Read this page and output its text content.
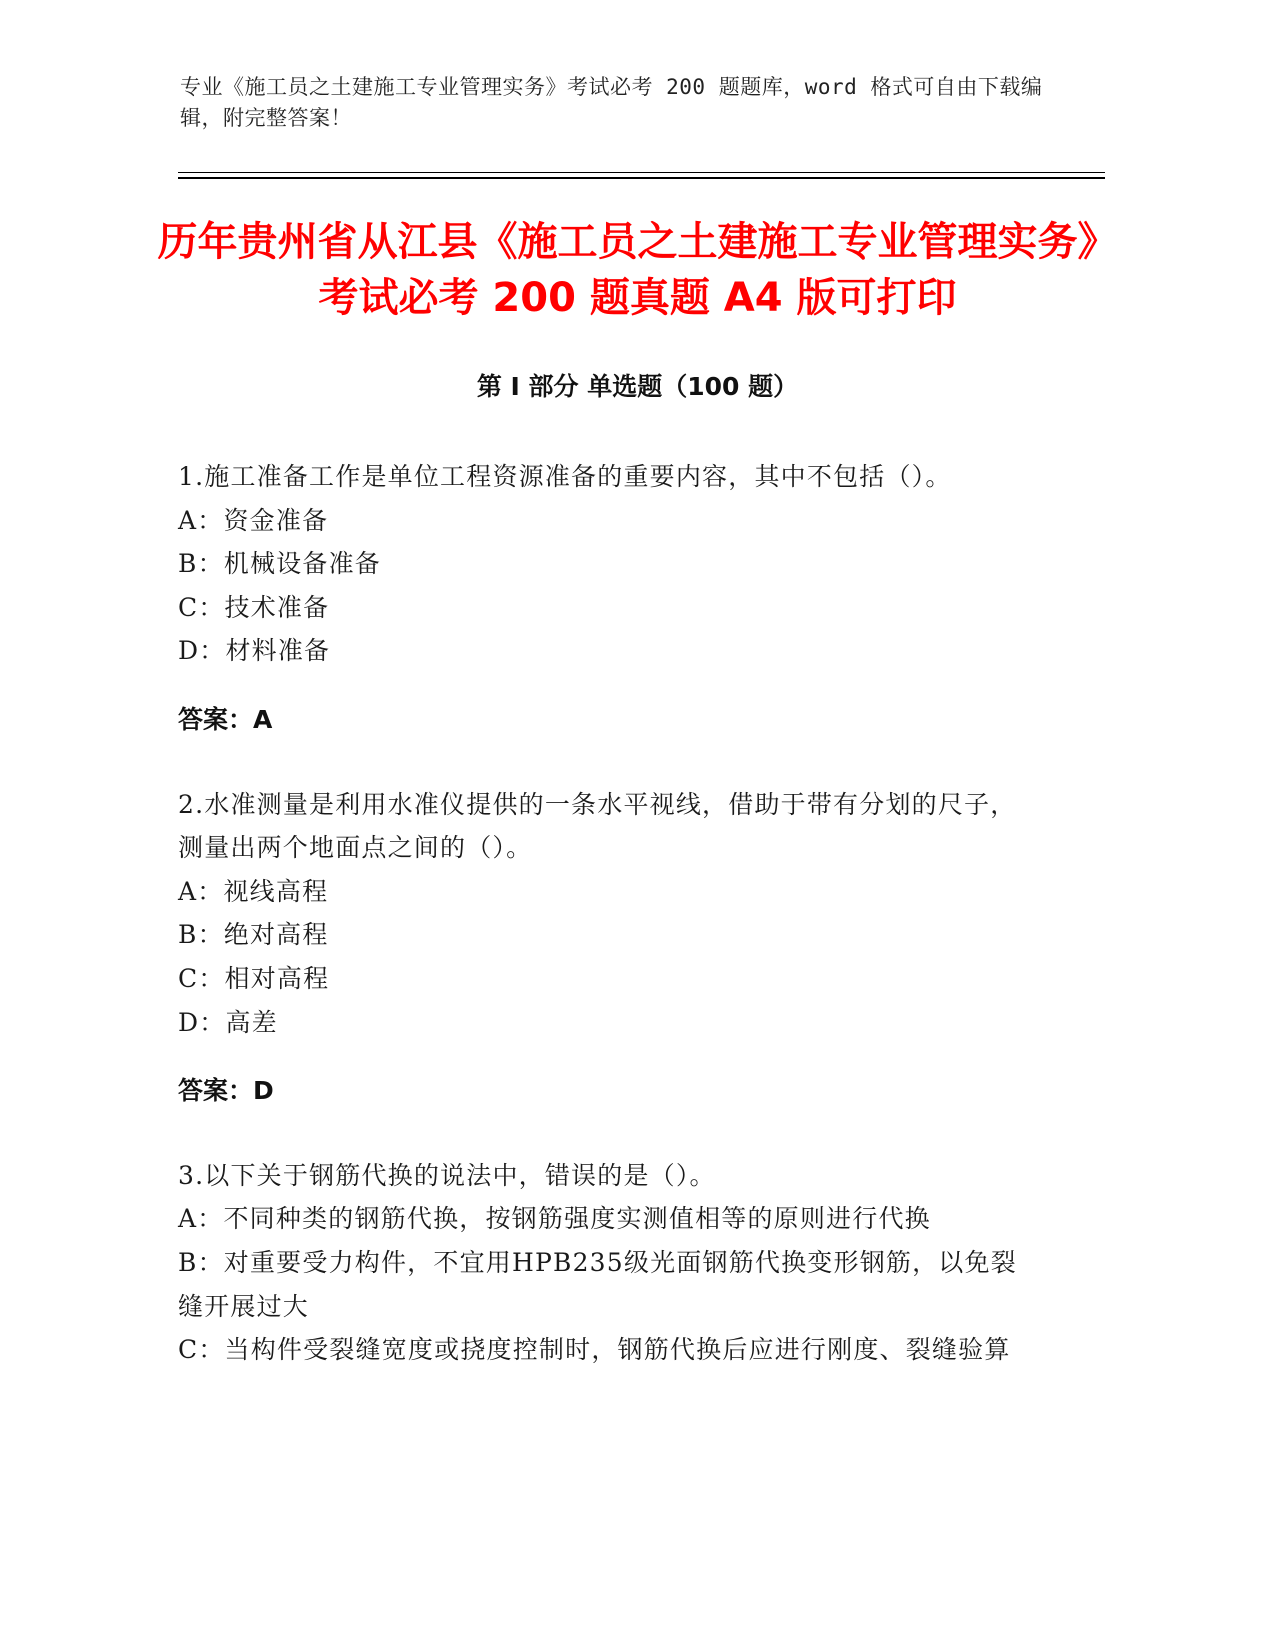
专业《施工员之土建施工专业管理实务》考试必考 200 题题库，word 格式可自由下载编辑，附完整答案！
历年贵州省从江县《施工员之土建施工专业管理实务》考试必考 200 题真题 A4 版可打印
第 I 部分 单选题（100 题）

1.施工准备工作是单位工程资源准备的重要内容，其中不包括（）。

A：资金准备

B：机械设备准备

C：技术准备

D：材料准备

答案：A

2.水准测量是利用水准仪提供的一条水平视线，借助于带有分划的尺子，测量出两个地面点之间的（）。

A：视线高程

B：绝对高程

C：相对高程

D：高差

答案：D

3.以下关于钢筋代换的说法中，错误的是（）。

A：不同种类的钢筋代换，按钢筋强度实测值相等的原则进行代换

B：对重要受力构件，不宜用HPB235级光面钢筋代换变形钢筋，以免裂缝开展过大

C：当构件受裂缝宽度或挠度控制时，钢筋代换后应进行刚度、裂缝验算
